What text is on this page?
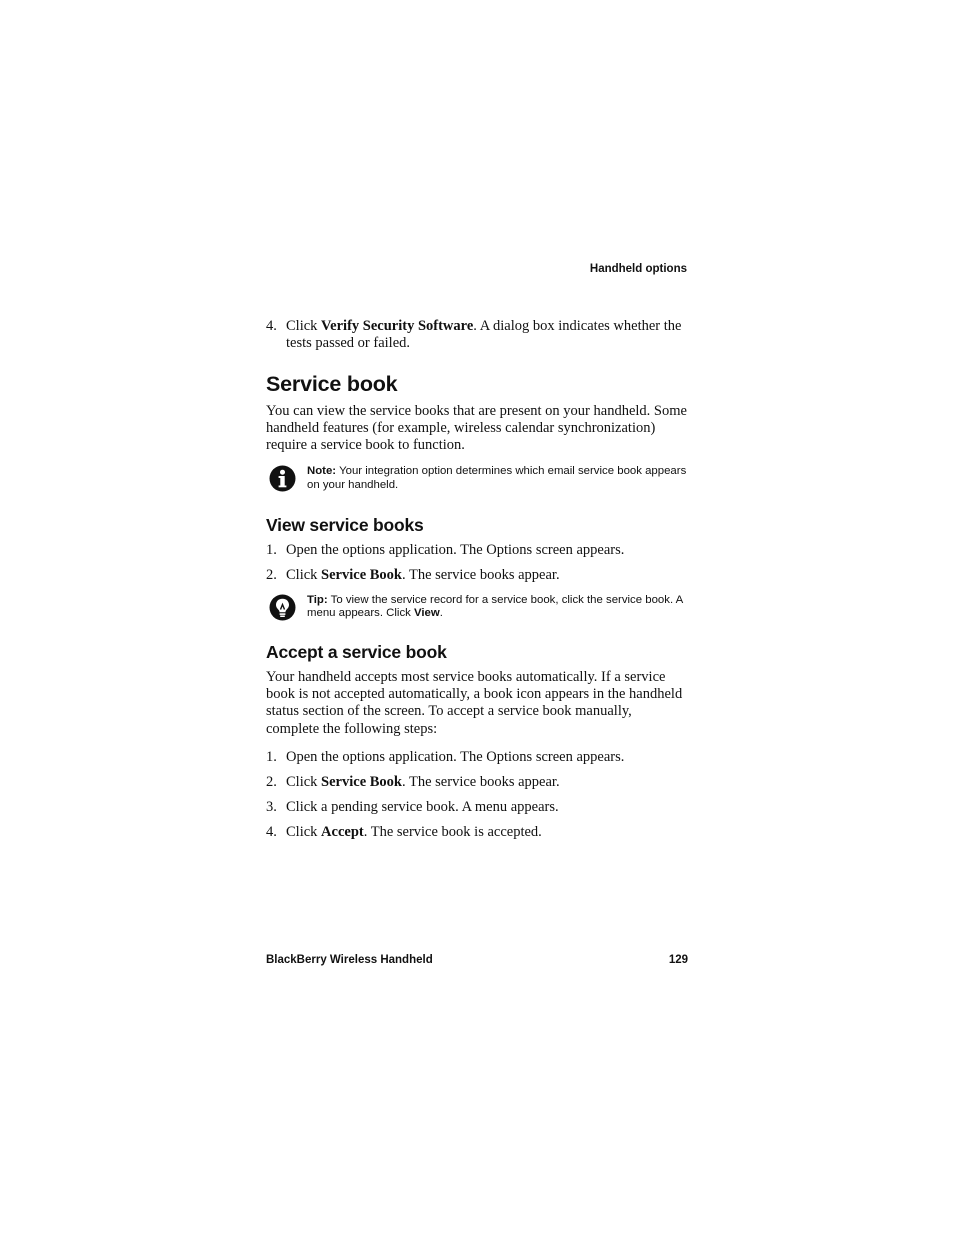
Handheld options
4. Click Verify Security Software. A dialog box indicates whether the tests passed or failed.
Service book

You can view the service books that are present on your handheld. Some handheld features (for example, wireless calendar synchronization) require a service book to function.

Note: Your integration option determines which email service book appears on your handheld.
View service books
1. Open the options application. The Options screen appears.
2. Click Service Book. The service books appear.
Tip: To view the service record for a service book, click the service book. A menu appears. Click View.
Accept a service book

Your handheld accepts most service books automatically. If a service book is not accepted automatically, a book icon appears in the handheld status section of the screen. To accept a service book manually, complete the following steps:

1. Open the options application. The Options screen appears.
2. Click Service Book. The service books appear.
3. Click a pending service book. A menu appears.
4. Click Accept. The service book is accepted.
BlackBerry Wireless Handheld	129
